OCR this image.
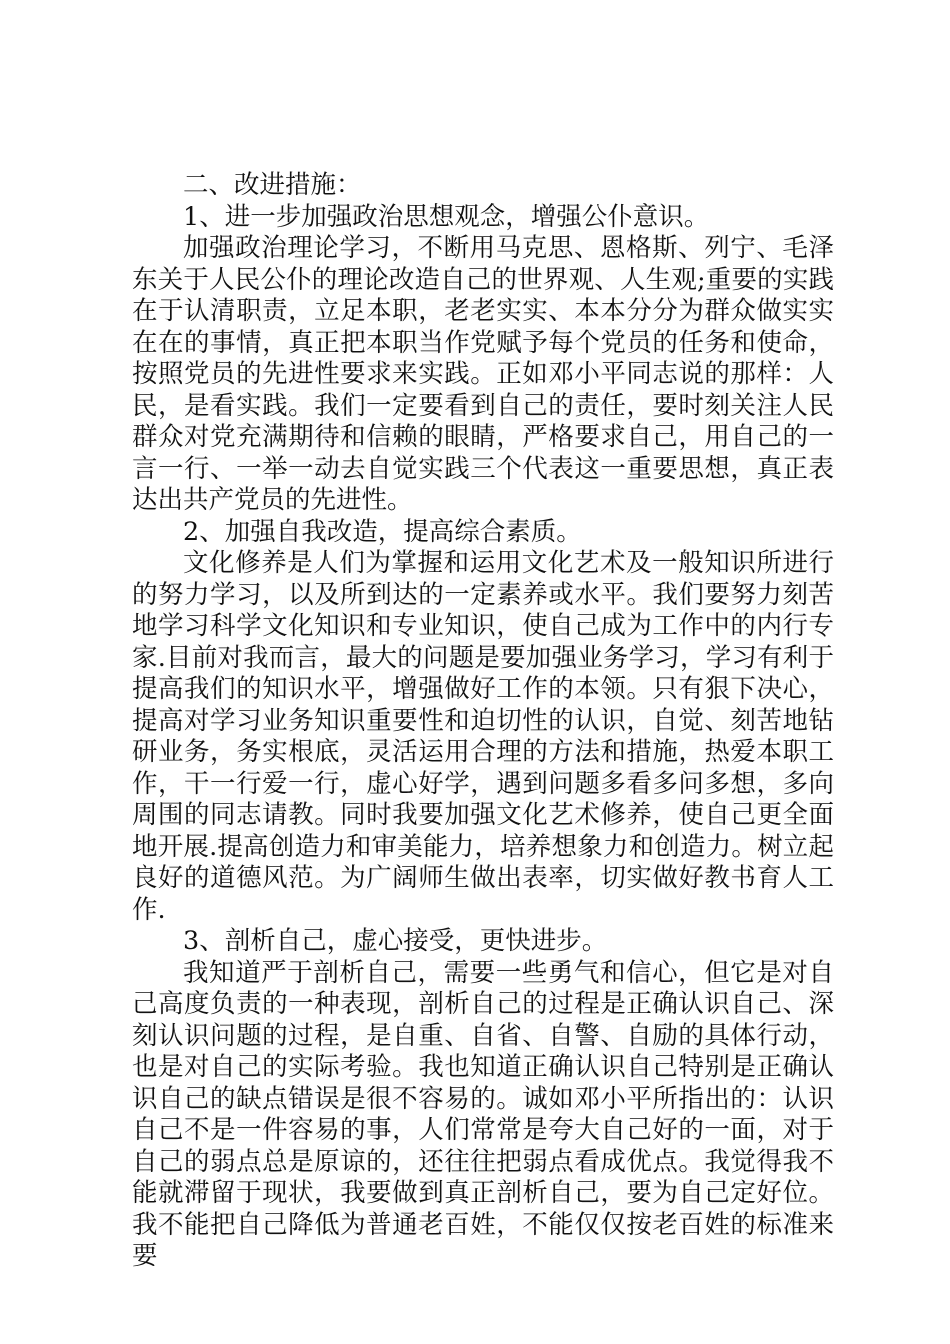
二、改进措施：

1、进一步加强政治思想观念，增强公仆意识。

加强政治理论学习，不断用马克思、恩格斯、列宁、毛泽东关于人民公仆的理论改造自己的世界观、人生观;重要的实践在于认清职责，立足本职，老老实实、本本分分为群众做实实在在的事情，真正把本职当作党赋予每个党员的任务和使命，按照党员的先进性要求来实践。正如邓小平同志说的那样：人民，是看实践。我们一定要看到自己的责任，要时刻关注人民群众对党充满期待和信赖的眼睛，严格要求自己，用自己的一言一行、一举一动去自觉实践三个代表这一重要思想，真正表达出共产党员的先进性。

2、加强自我改造，提高综合素质。

文化修养是人们为掌握和运用文化艺术及一般知识所进行的努力学习，以及所到达的一定素养或水平。我们要努力刻苦地学习科学文化知识和专业知识，使自己成为工作中的内行专家.目前对我而言，最大的问题是要加强业务学习，学习有利于提高我们的知识水平，增强做好工作的本领。只有狠下决心，提高对学习业务知识重要性和迫切性的认识，自觉、刻苦地钻研业务，务实根底，灵活运用合理的方法和措施，热爱本职工作，干一行爱一行，虚心好学，遇到问题多看多问多想，多向周围的同志请教。同时我要加强文化艺术修养，使自己更全面地开展.提高创造力和审美能力，培养想象力和创造力。树立起良好的道德风范。为广阔师生做出表率，切实做好教书育人工作.

3、剖析自己，虚心接受，更快进步。

我知道严于剖析自己，需要一些勇气和信心，但它是对自己高度负责的一种表现，剖析自己的过程是正确认识自己、深刻认识问题的过程，是自重、自省、自警、自励的具体行动，也是对自己的实际考验。我也知道正确认识自己特别是正确认识自己的缺点错误是很不容易的。诚如邓小平所指出的：认识自己不是一件容易的事，人们常常是夸大自己好的一面，对于自己的弱点总是原谅的，还往往把弱点看成优点。我觉得我不能就滞留于现状，我要做到真正剖析自己，要为自己定好位。我不能把自己降低为普通老百姓，不能仅仅按老百姓的标准来要
